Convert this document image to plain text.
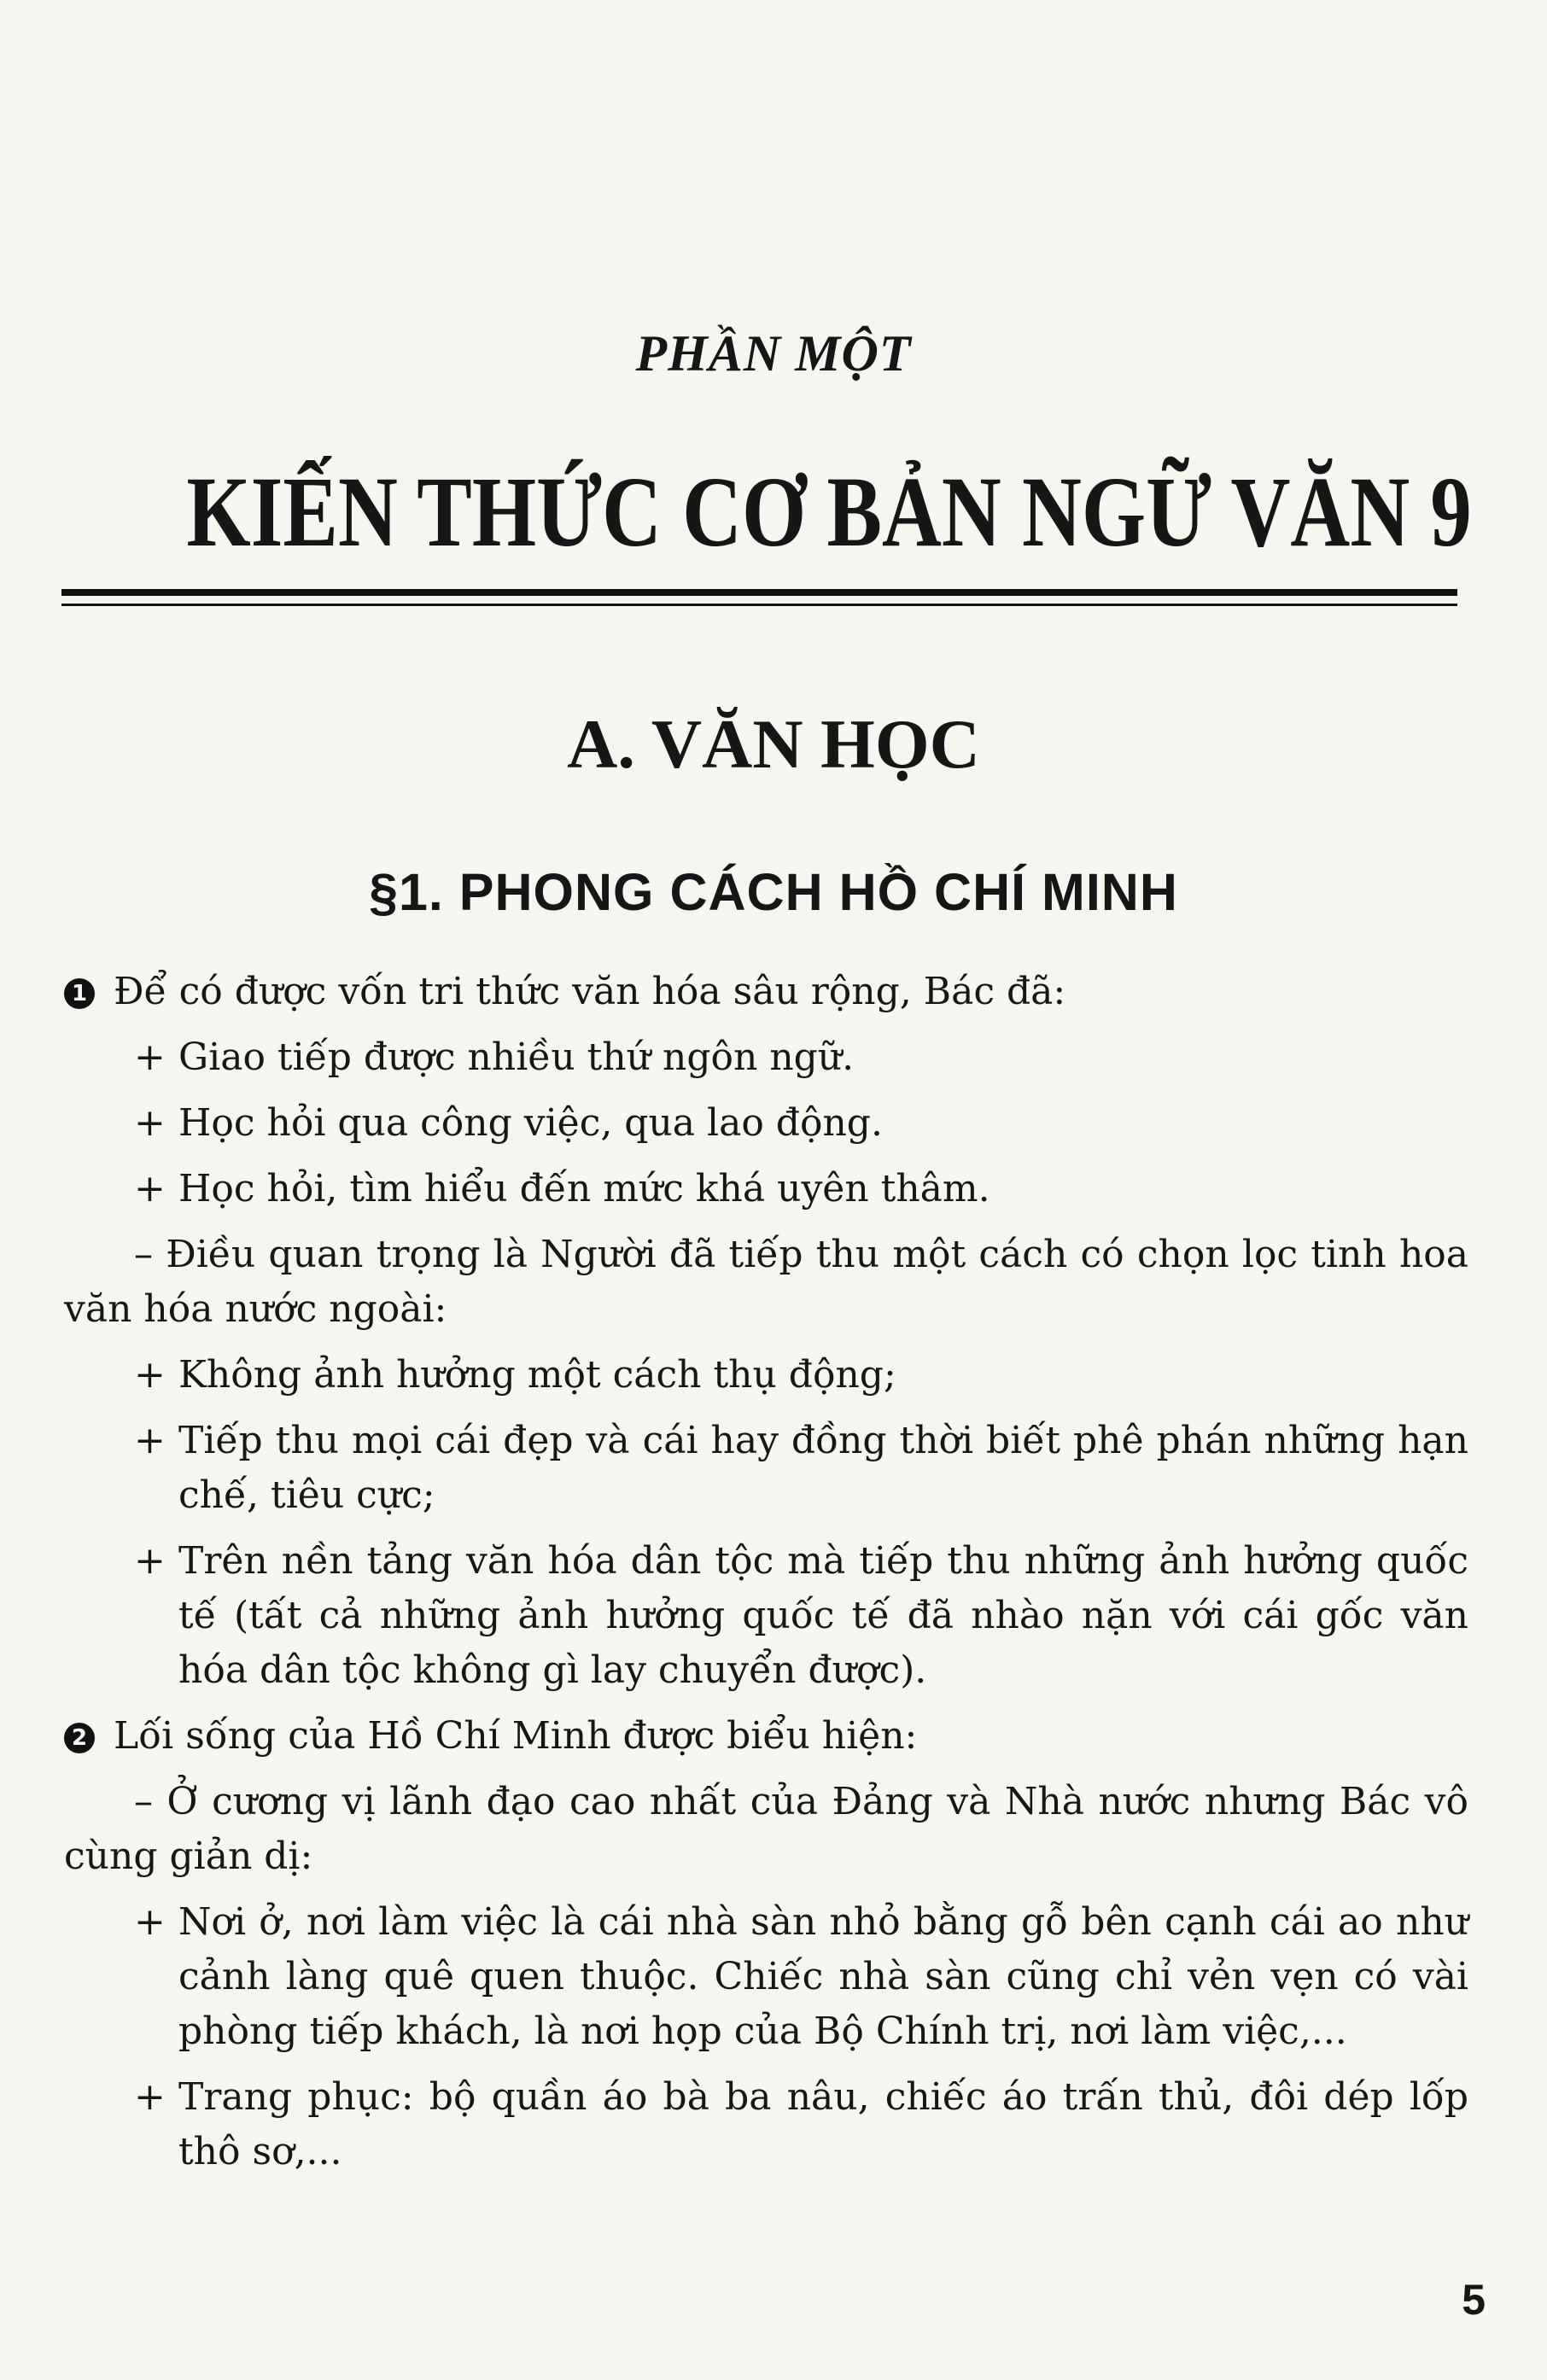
PHẦN MỘT
KIẾN THỨC CƠ BẢN NGỮ VĂN 9
A. VĂN HỌC
§1. PHONG CÁCH HỒ CHÍ MINH

1 Để có được vốn tri thức văn hóa sâu rộng, Bác đã:

+ Giao tiếp được nhiều thứ ngôn ngữ.

+ Học hỏi qua công việc, qua lao động.

+ Học hỏi, tìm hiểu đến mức khá uyên thâm.

– Điều quan trọng là Người đã tiếp thu một cách có chọn lọc tinh hoa văn hóa nước ngoài:

+ Không ảnh hưởng một cách thụ động;

+ Tiếp thu mọi cái đẹp và cái hay đồng thời biết phê phán những hạn chế, tiêu cực;

+ Trên nền tảng văn hóa dân tộc mà tiếp thu những ảnh hưởng quốc tế (tất cả những ảnh hưởng quốc tế đã nhào nặn với cái gốc văn hóa dân tộc không gì lay chuyển được).

2 Lối sống của Hồ Chí Minh được biểu hiện:

– Ở cương vị lãnh đạo cao nhất của Đảng và Nhà nước nhưng Bác vô cùng giản dị:

+ Nơi ở, nơi làm việc là cái nhà sàn nhỏ bằng gỗ bên cạnh cái ao như cảnh làng quê quen thuộc. Chiếc nhà sàn cũng chỉ vẻn vẹn có vài phòng tiếp khách, là nơi họp của Bộ Chính trị, nơi làm việc,...

+ Trang phục: bộ quần áo bà ba nâu, chiếc áo trấn thủ, đôi dép lốp thô sơ,...

5
